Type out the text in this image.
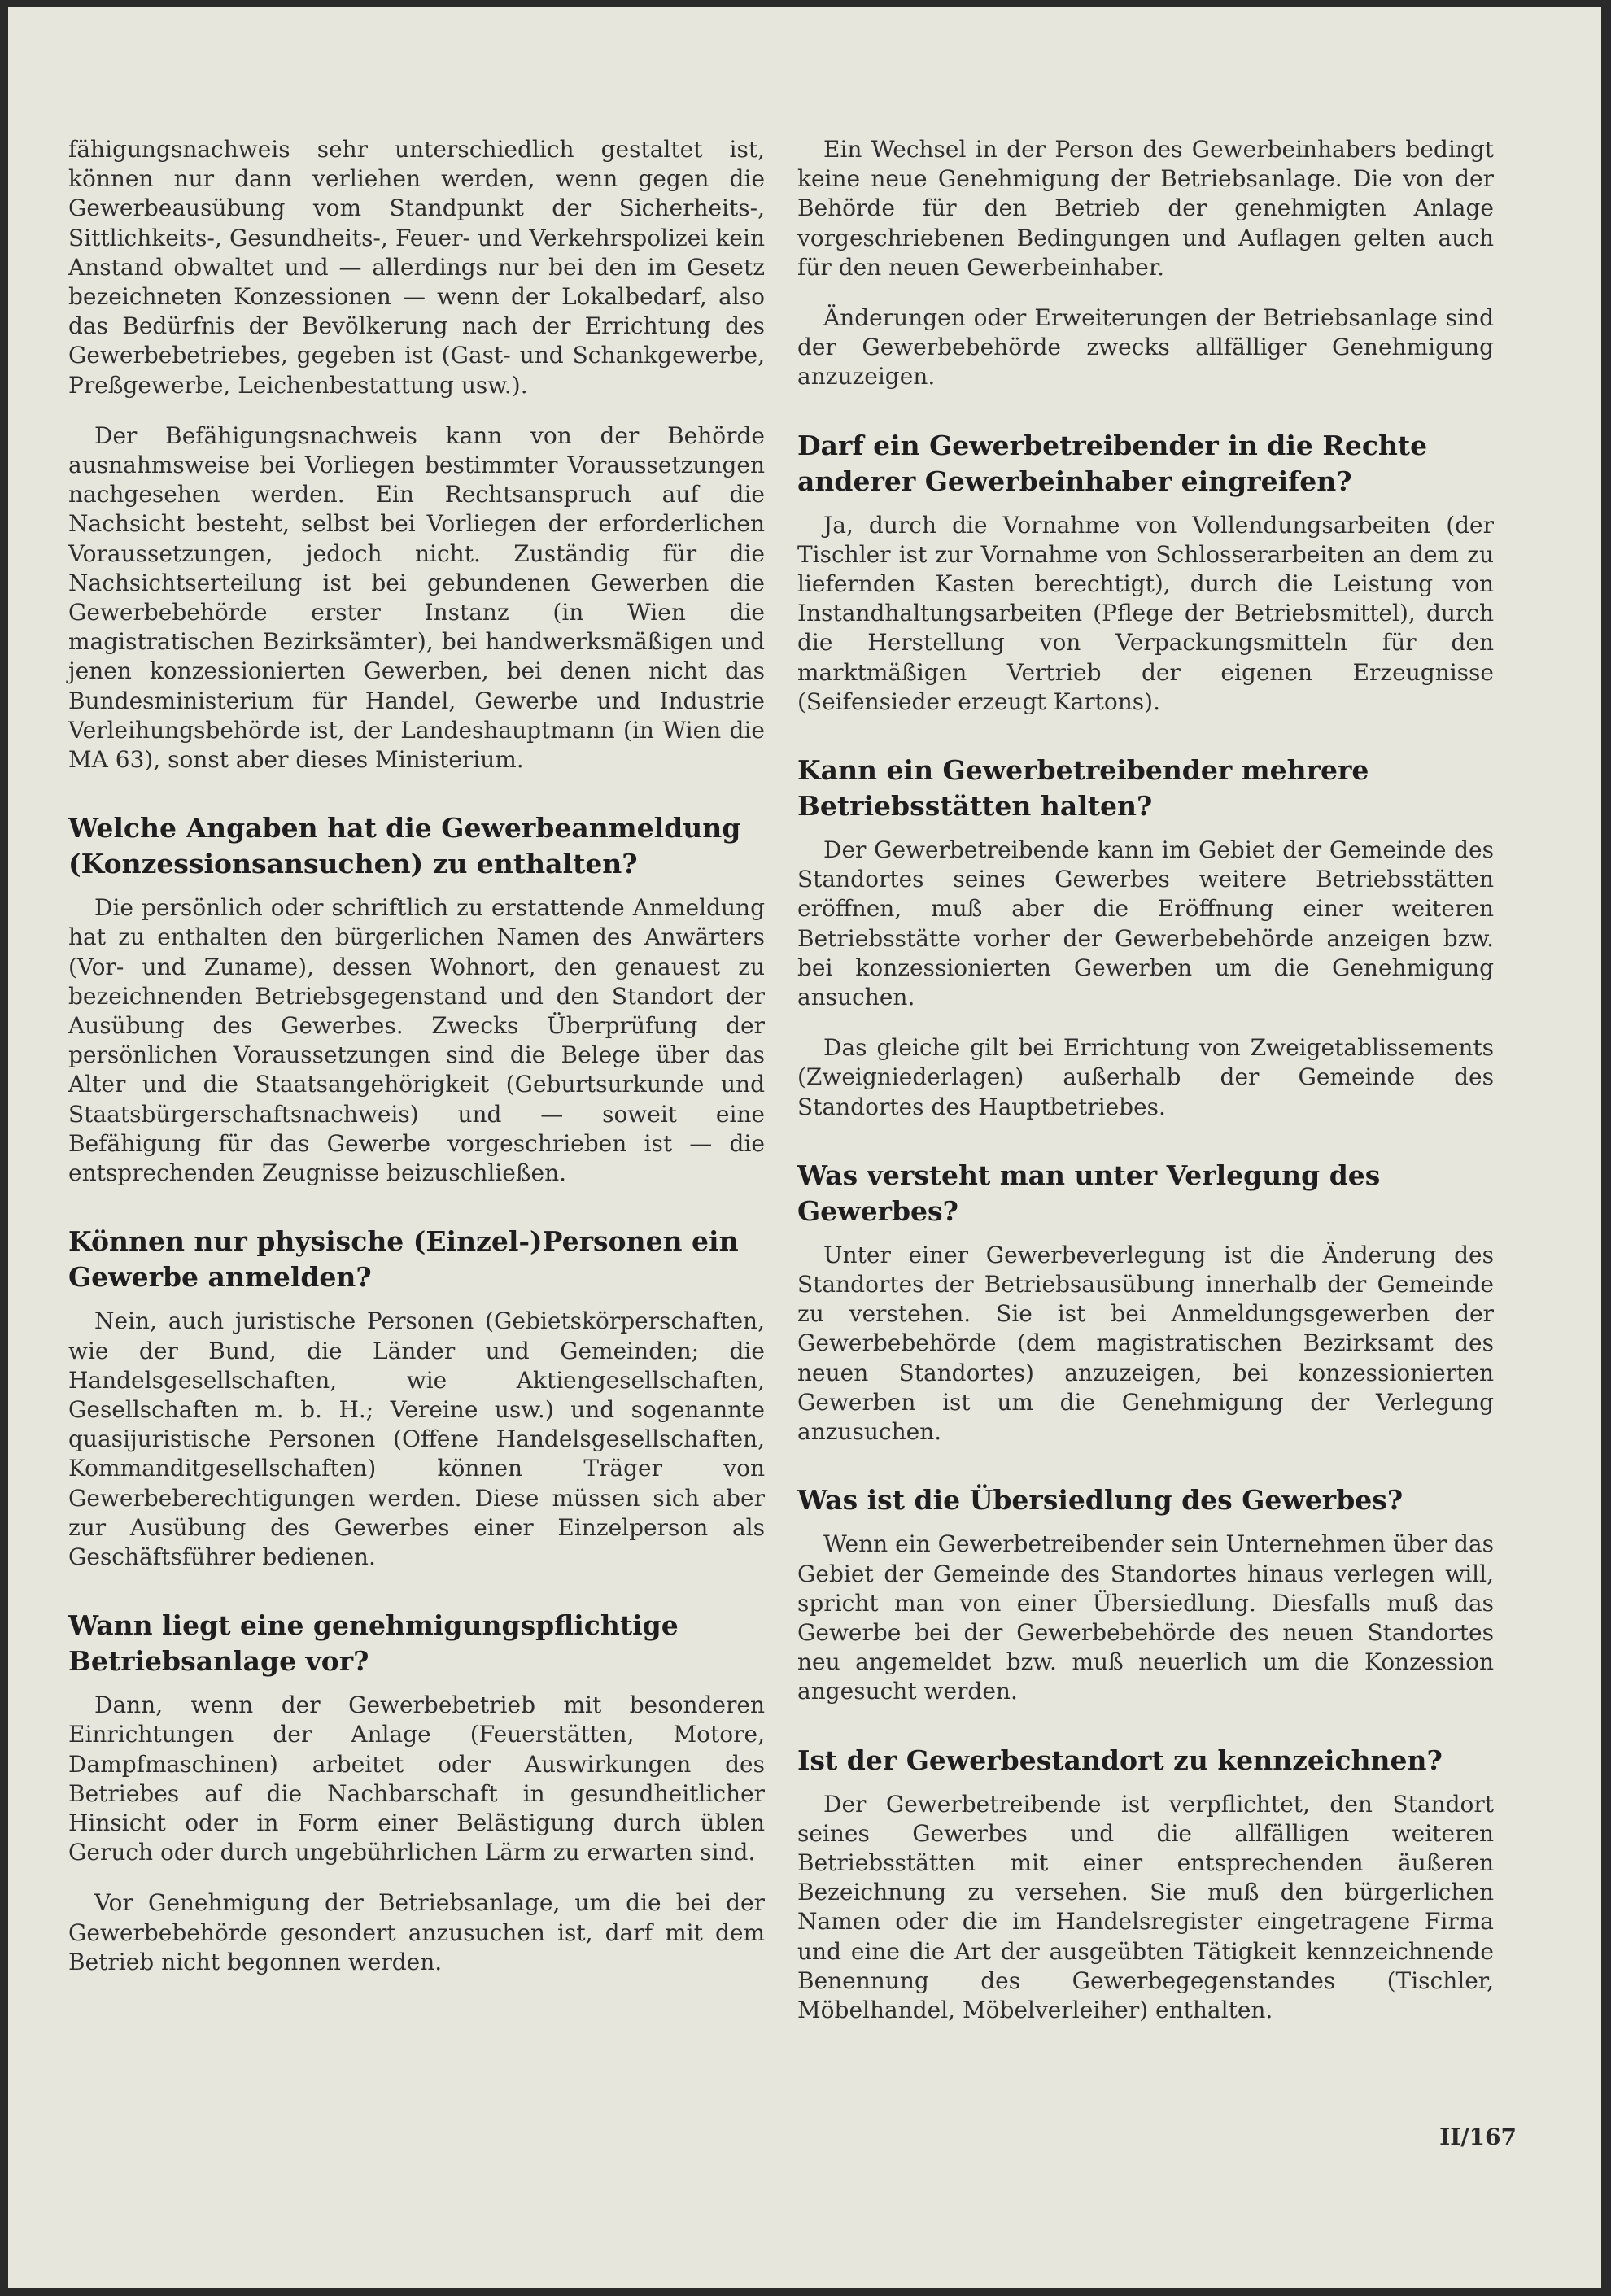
fähigungsnachweis sehr unterschiedlich gestaltet ist, können nur dann verliehen werden, wenn gegen die Gewerbeausübung vom Standpunkt der Sicherheits-, Sittlichkeits-, Gesundheits-, Feuer- und Verkehrspolizei kein Anstand obwaltet und — allerdings nur bei den im Gesetz bezeichneten Konzessionen — wenn der Lokalbedarf, also das Bedürfnis der Bevölkerung nach der Errichtung des Gewerbebetriebes, gegeben ist (Gast- und Schankgewerbe, Preßgewerbe, Leichenbestattung usw.).

Der Befähigungsnachweis kann von der Behörde ausnahmsweise bei Vorliegen bestimmter Voraussetzungen nachgesehen werden. Ein Rechtsanspruch auf die Nachsicht besteht, selbst bei Vorliegen der erforderlichen Voraussetzungen, jedoch nicht. Zuständig für die Nachsichtserteilung ist bei gebundenen Gewerben die Gewerbebehörde erster Instanz (in Wien die magistratischen Bezirksämter), bei handwerksmäßigen und jenen konzessionierten Gewerben, bei denen nicht das Bundesministerium für Handel, Gewerbe und Industrie Verleihungsbehörde ist, der Landeshauptmann (in Wien die MA 63), sonst aber dieses Ministerium.

Welche Angaben hat die Gewerbeanmeldung (Konzessionsansuchen) zu enthalten?

Die persönlich oder schriftlich zu erstattende Anmeldung hat zu enthalten den bürgerlichen Namen des Anwärters (Vor- und Zuname), dessen Wohnort, den genauest zu bezeichnenden Betriebsgegenstand und den Standort der Ausübung des Gewerbes. Zwecks Überprüfung der persönlichen Voraussetzungen sind die Belege über das Alter und die Staatsangehörigkeit (Geburtsurkunde und Staatsbürgerschaftsnachweis) und — soweit eine Befähigung für das Gewerbe vorgeschrieben ist — die entsprechenden Zeugnisse beizuschließen.

Können nur physische (Einzel-)Personen ein Gewerbe anmelden?

Nein, auch juristische Personen (Gebietskörperschaften, wie der Bund, die Länder und Gemeinden; die Handelsgesellschaften, wie Aktiengesellschaften, Gesellschaften m. b. H.; Vereine usw.) und sogenannte quasijuristische Personen (Offene Handelsgesellschaften, Kommanditgesellschaften) können Träger von Gewerbeberechtigungen werden. Diese müssen sich aber zur Ausübung des Gewerbes einer Einzelperson als Geschäftsführer bedienen.

Wann liegt eine genehmigungspflichtige Betriebsanlage vor?

Dann, wenn der Gewerbebetrieb mit besonderen Einrichtungen der Anlage (Feuerstätten, Motore, Dampfmaschinen) arbeitet oder Auswirkungen des Betriebes auf die Nachbarschaft in gesundheitlicher Hinsicht oder in Form einer Belästigung durch üblen Geruch oder durch ungebührlichen Lärm zu erwarten sind.

Vor Genehmigung der Betriebsanlage, um die bei der Gewerbebehörde gesondert anzusuchen ist, darf mit dem Betrieb nicht begonnen werden.

Ein Wechsel in der Person des Gewerbeinhabers bedingt keine neue Genehmigung der Betriebsanlage. Die von der Behörde für den Betrieb der genehmigten Anlage vorgeschriebenen Bedingungen und Auflagen gelten auch für den neuen Gewerbeinhaber.

Änderungen oder Erweiterungen der Betriebsanlage sind der Gewerbebehörde zwecks allfälliger Genehmigung anzuzeigen.

Darf ein Gewerbetreibender in die Rechte anderer Gewerbeinhaber eingreifen?

Ja, durch die Vornahme von Vollendungsarbeiten (der Tischler ist zur Vornahme von Schlosserarbeiten an dem zu liefernden Kasten berechtigt), durch die Leistung von Instandhaltungsarbeiten (Pflege der Betriebsmittel), durch die Herstellung von Verpackungsmitteln für den marktmäßigen Vertrieb der eigenen Erzeugnisse (Seifensieder erzeugt Kartons).

Kann ein Gewerbetreibender mehrere Betriebsstätten halten?

Der Gewerbetreibende kann im Gebiet der Gemeinde des Standortes seines Gewerbes weitere Betriebsstätten eröffnen, muß aber die Eröffnung einer weiteren Betriebsstätte vorher der Gewerbebehörde anzeigen bzw. bei konzessionierten Gewerben um die Genehmigung ansuchen.

Das gleiche gilt bei Errichtung von Zweigetablissements (Zweigniederlagen) außerhalb der Gemeinde des Standortes des Hauptbetriebes.

Was versteht man unter Verlegung des Gewerbes?

Unter einer Gewerbeverlegung ist die Änderung des Standortes der Betriebsausübung innerhalb der Gemeinde zu verstehen. Sie ist bei Anmeldungsgewerben der Gewerbebehörde (dem magistratischen Bezirksamt des neuen Standortes) anzuzeigen, bei konzessionierten Gewerben ist um die Genehmigung der Verlegung anzusuchen.

Was ist die Übersiedlung des Gewerbes?

Wenn ein Gewerbetreibender sein Unternehmen über das Gebiet der Gemeinde des Standortes hinaus verlegen will, spricht man von einer Übersiedlung. Diesfalls muß das Gewerbe bei der Gewerbebehörde des neuen Standortes neu angemeldet bzw. muß neuerlich um die Konzession angesucht werden.

Ist der Gewerbestandort zu kennzeichnen?

Der Gewerbetreibende ist verpflichtet, den Standort seines Gewerbes und die allfälligen weiteren Betriebsstätten mit einer entsprechenden äußeren Bezeichnung zu versehen. Sie muß den bürgerlichen Namen oder die im Handelsregister eingetragene Firma und eine die Art der ausgeübten Tätigkeit kennzeichnende Benennung des Gewerbegegenstandes (Tischler, Möbelhandel, Möbelverleiher) enthalten.

II/167
